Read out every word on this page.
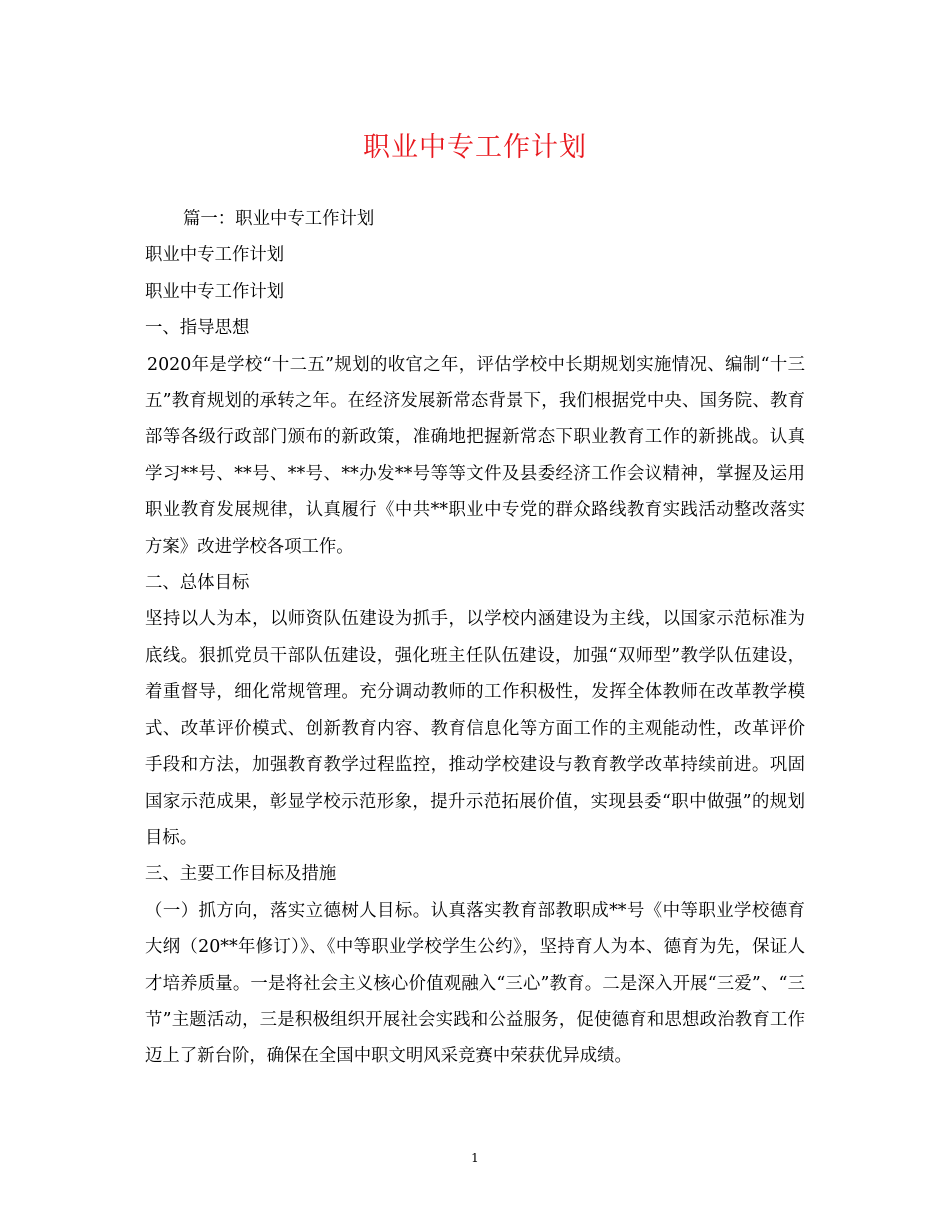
职业中专工作计划

篇一：职业中专工作计划

职业中专工作计划

职业中专工作计划

一、指导思想

2020年是学校“十二五”规划的收官之年，评估学校中长期规划实施情况、编制“十三五”教育规划的承转之年。在经济发展新常态背景下，我们根据党中央、国务院、教育部等各级行政部门颁布的新政策，准确地把握新常态下职业教育工作的新挑战。认真学习**号、**号、**号、**办发**号等等文件及县委经济工作会议精神，掌握及运用职业教育发展规律，认真履行《中共**职业中专党的群众路线教育实践活动整改落实方案》改进学校各项工作。

二、总体目标

坚持以人为本，以师资队伍建设为抓手，以学校内涵建设为主线，以国家示范标准为底线。狠抓党员干部队伍建设，强化班主任队伍建设，加强“双师型”教学队伍建设，着重督导，细化常规管理。充分调动教师的工作积极性，发挥全体教师在改革教学模式、改革评价模式、创新教育内容、教育信息化等方面工作的主观能动性，改革评价手段和方法，加强教育教学过程监控，推动学校建设与教育教学改革持续前进。巩固国家示范成果，彰显学校示范形象，提升示范拓展价值，实现县委“职中做强”的规划目标。

三、主要工作目标及措施

（一）抓方向，落实立德树人目标。认真落实教育部教职成**号《中等职业学校德育大纲（20**年修订）》、《中等职业学校学生公约》，坚持育人为本、德育为先，保证人才培养质量。一是将社会主义核心价值观融入“三心”教育。二是深入开展“三爱”、“三节”主题活动，三是积极组织开展社会实践和公益服务，促使德育和思想政治教育工作迈上了新台阶，确保在全国中职文明风采竞赛中荣获优异成绩。

1
